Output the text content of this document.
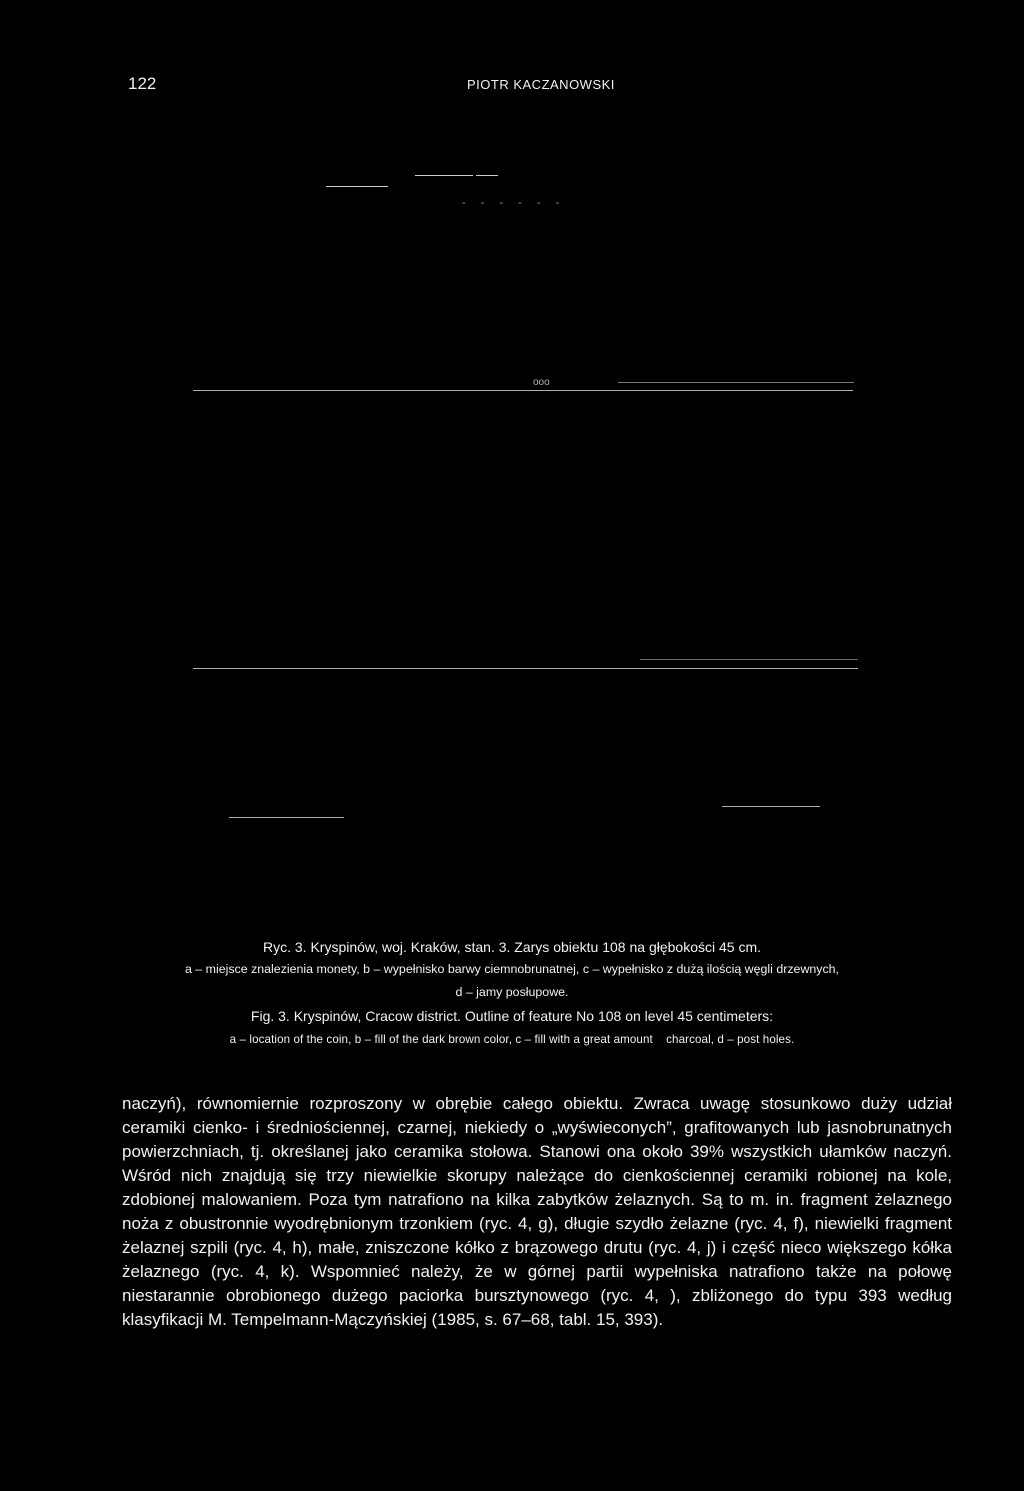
122	PIOTR KACZANOWSKI
- - - - - -
ooo

Ryc. 3. Kryspinów, woj. Kraków, stan. 3. Zarys obiektu 108 na głębokości 45 cm.

a – miejsce znalezienia monety, b – wypełnisko barwy ciemnobrunatnej, c – wypełnisko z dużą ilością węgli drzewnych,

d – jamy posłupowe.

Fig. 3. Kryspinów, Cracow district. Outline of feature No 108 on level 45 centimeters:

a – location of the coin, b – fill of the dark brown color, c – fill with a great amount    charcoal, d – post holes.

naczyń), równomiernie rozproszony w obrębie całego obiektu. Zwraca uwagę stosunkowo duży udział ceramiki cienko- i średniościennej, czarnej, niekiedy o „wyświeconych”, grafitowanych lub jasnobrunatnych powierzchniach, tj. określanej jako ceramika stołowa. Stanowi ona około 39% wszystkich ułamków naczyń. Wśród nich znajdują się trzy niewielkie skorupy należące do cienkościennej ceramiki robionej na kole, zdobionej malowaniem. Poza tym natrafiono na kilka zabytków żelaznych. Są to m. in. fragment żelaznego noża z obustronnie wyodrębnionym trzonkiem (ryc. 4, g), długie szydło żelazne (ryc. 4, f), niewielki fragment żelaznej szpili (ryc. 4, h), małe, zniszczone kółko z brązowego drutu (ryc. 4, j) i część nieco większego kółka żelaznego (ryc. 4, k). Wspomnieć należy, że w górnej partii wypełniska natrafiono także na połowę niestarannie obrobionego dużego paciorka bursztynowego (ryc. 4, ), zbliżonego do typu 393 według klasyfikacji M. Tempelmann-Mączyńskiej (1985, s. 67–68, tabl. 15, 393).
